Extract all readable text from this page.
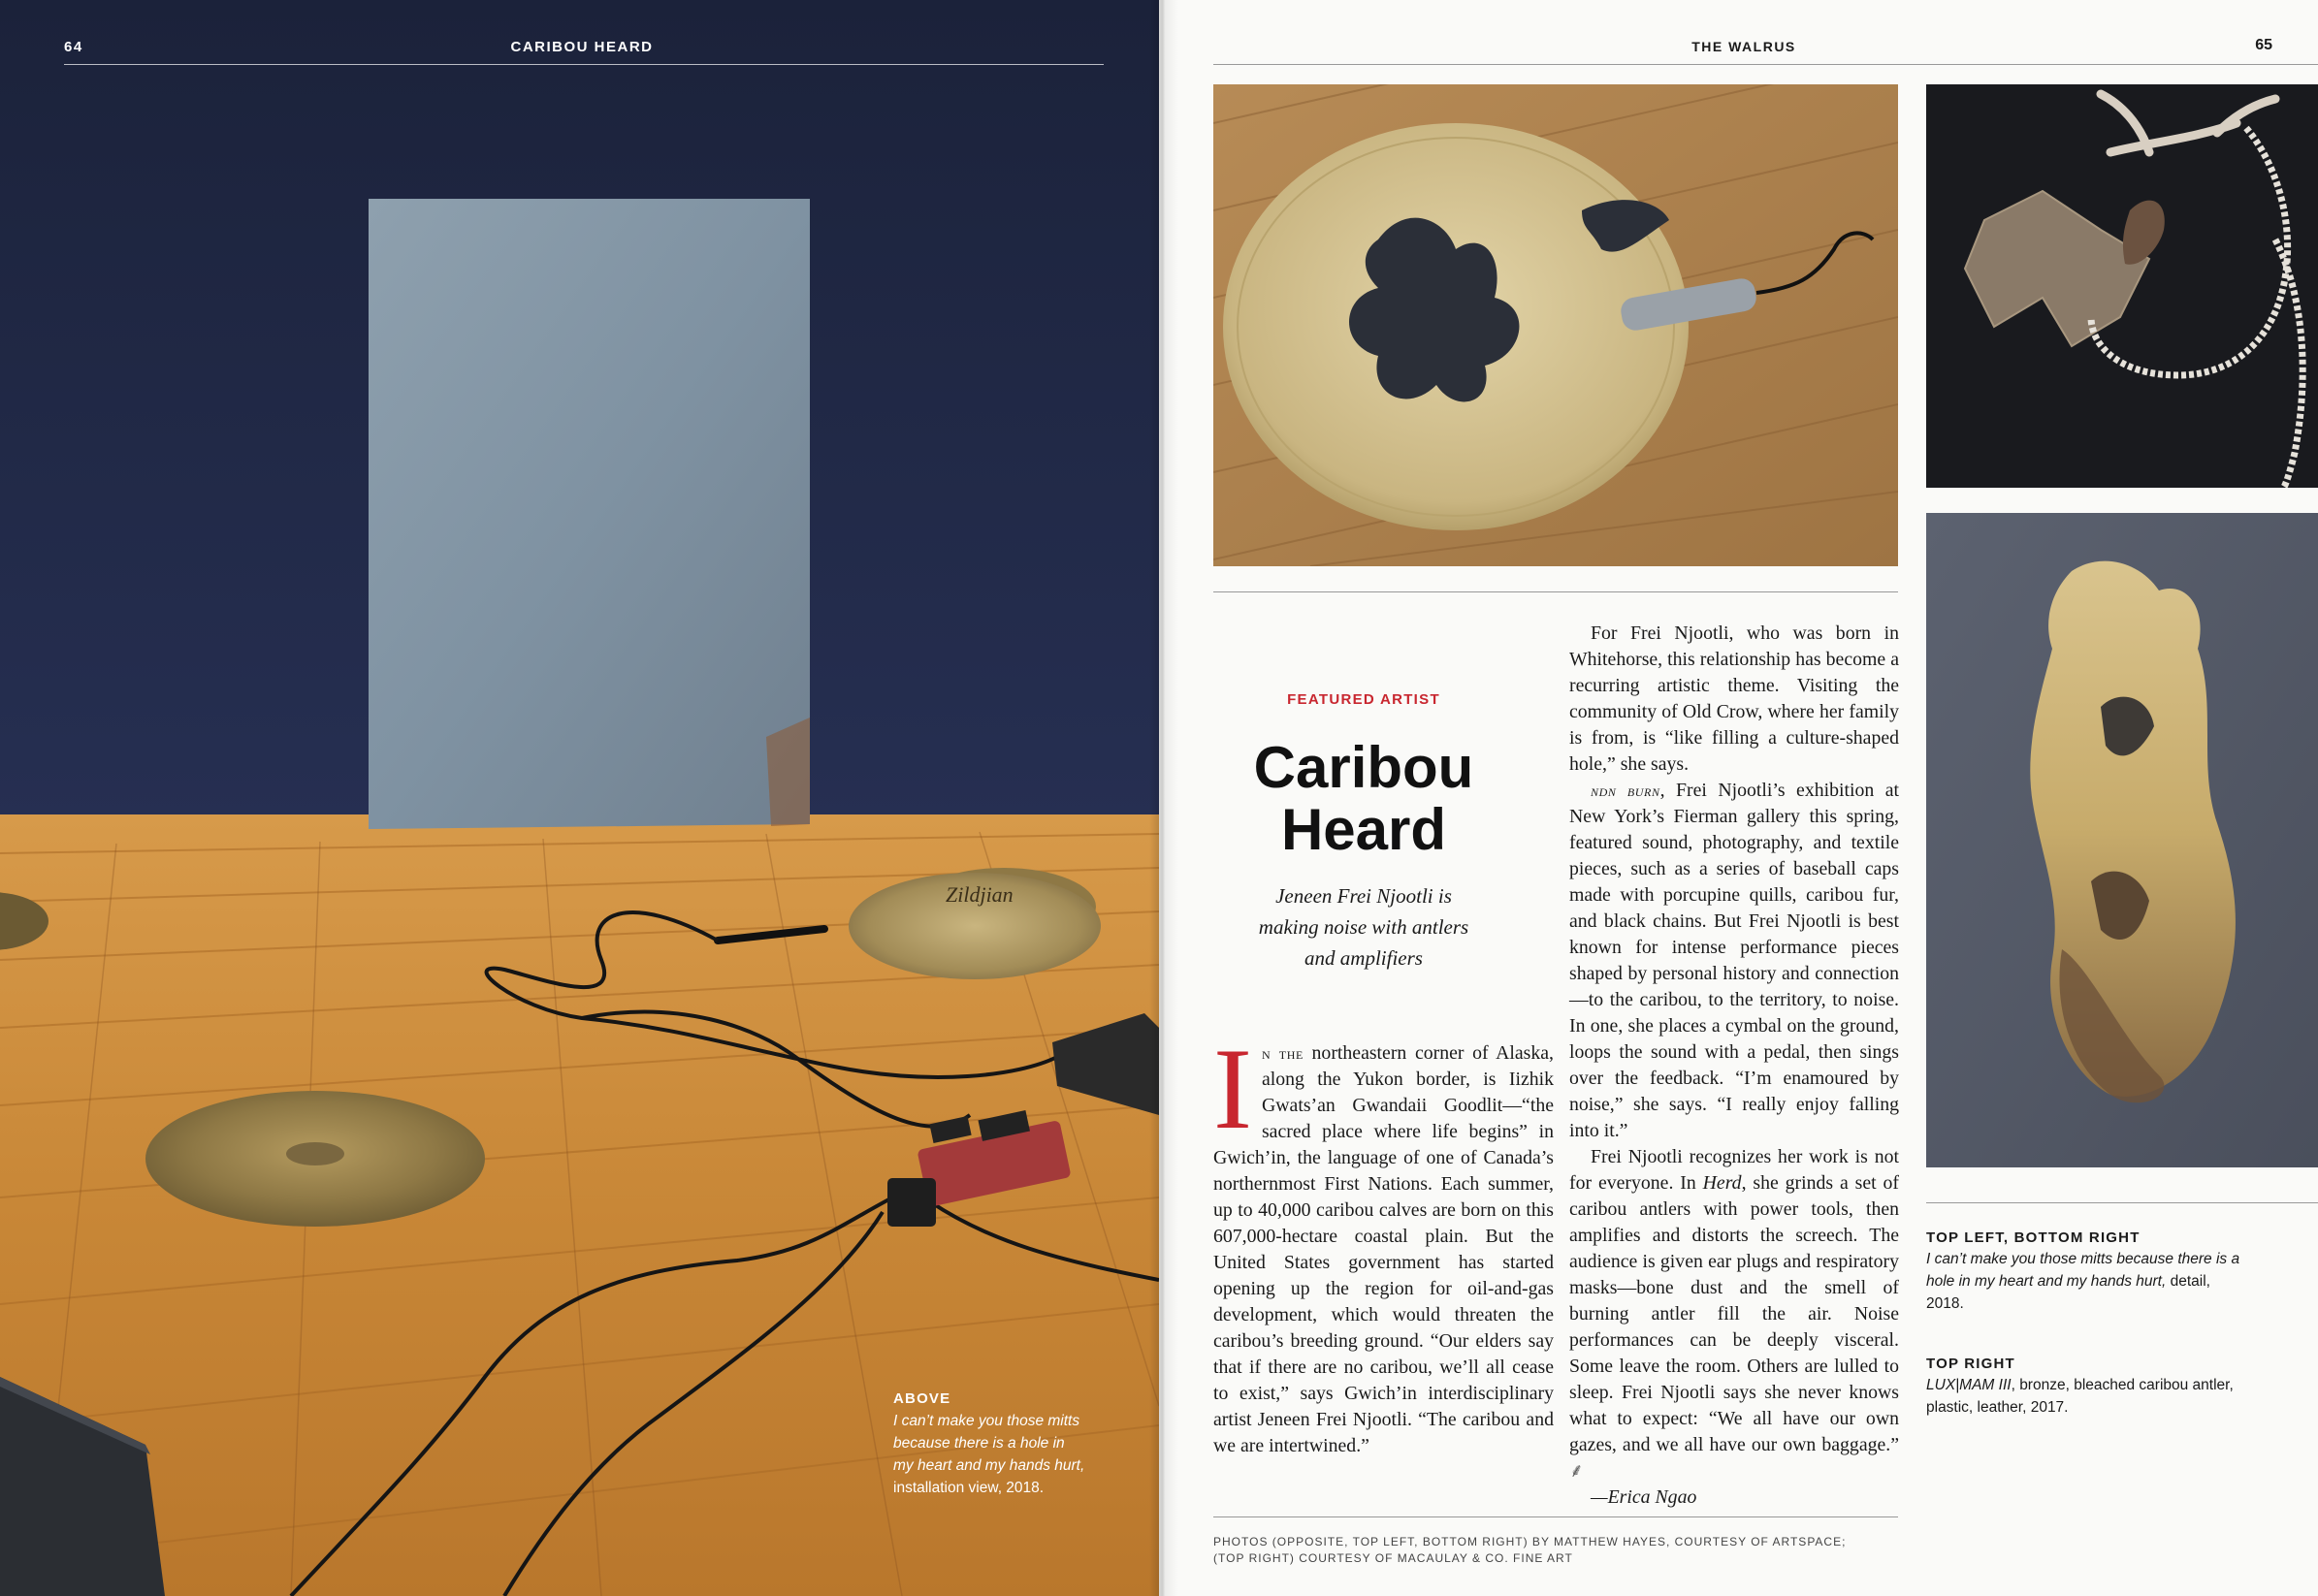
Zildjian
64	CARIBOU HEARD
ABOVE
I can’t make you those mitts because there is a hole in my heart and my hands hurt, installation view, 2018.
THE WALRUS	65
FEATURED ARTIST
Caribou
Heard
Jeneen Frei Njootli is
making noise with antlers
and amplifiers

In the northeastern corner of Alaska, along the Yukon border, is Iizhik Gwats’an Gwandaii Goodlit—“the sacred place where life begins” in Gwich’in, the language of one of Canada’s northernmost First Nations. Each summer, up to 40,000 caribou calves are born on this 607,000-hectare coastal plain. But the United States government has started opening up the region for oil-and-gas development, which would threaten the caribou’s breeding ground. “Our elders say that if there are no caribou, we’ll all cease to exist,” says Gwich’in interdisciplinary artist Jeneen Frei Njootli. “The caribou and we are intertwined.”

For Frei Njootli, who was born in Whitehorse, this relationship has become a recurring artistic theme. Visiting the community of Old Crow, where her family is from, is “like filling a culture-shaped hole,” she says.

ndn burn, Frei Njootli’s exhibition at New York’s Fierman gallery this spring, featured sound, photography, and textile pieces, such as a series of baseball caps made with porcupine quills, caribou fur, and black chains. But Frei Njootli is best known for intense performance pieces shaped by personal history and connection—to the caribou, to the territory, to noise. In one, she places a cymbal on the ground, loops the sound with a pedal, then sings over the feedback. “I’m enamoured by noise,” she says. “I really enjoy falling into it.”

Frei Njootli recognizes her work is not for everyone. In Herd, she grinds a set of caribou antlers with power tools, then amplifies and distorts the screech. The audience is given ear plugs and respiratory masks—bone dust and the smell of burning antler fill the air. Noise performances can be deeply visceral. Some leave the room. Others are lulled to sleep. Frei Njootli says she never knows what to expect: “We all have our own gazes, and we all have our own baggage.” ⸙

—Erica Ngao

PHOTOS (OPPOSITE, TOP LEFT, BOTTOM RIGHT) BY MATTHEW HAYES, COURTESY OF ARTSPACE;
(TOP RIGHT) COURTESY OF MACAULAY & CO. FINE ART
TOP LEFT, BOTTOM RIGHT
I can’t make you those mitts because there is a hole in my heart and my hands hurt, detail, 2018.
TOP RIGHT
LUX|MAM III, bronze, bleached caribou antler, plastic, leather, 2017.
